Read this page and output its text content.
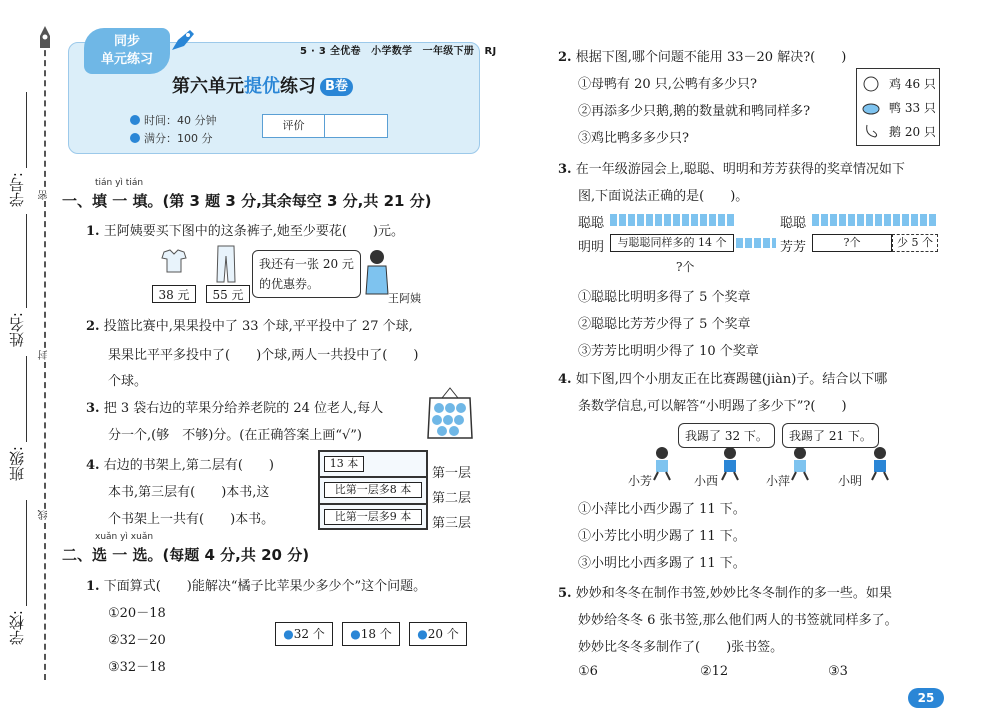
密
封
线
学号:
姓名:
班级:
学校:
同步
单元练习
5 · 3 全优卷　小学数学　一年级下册　RJ
第六单元提优练习 B卷
时间：40 分钟
满分：100 分
评价
tián yì tián
一、填 一 填。(第 3 题 3 分,其余每空 3 分,共 21 分)
1. 王阿姨要买下图中的这条裤子,她至少要花(　　)元。
38 元	55 元
我还有一张 20 元
的优惠券。
王阿姨
2. 投篮比赛中,果果投中了 33 个球,平平投中了 27 个球,
果果比平平多投中了(　　)个球,两人一共投中了(　　)
个球。
3. 把 3 袋右边的苹果分给养老院的 24 位老人,每人
分一个,(够　不够)分。(在正确答案上画“√”)
4. 右边的书架上,第二层有(　　)
本书,第三层有(　　)本书,这
个书架上一共有(　　)本书。
13 本
比第一层多8 本
比第一层多9 本
第一层
第二层
第三层
xuǎn yì xuǎn
二、选 一 选。(每题 4 分,共 20 分)
1. 下面算式(　　)能解决“橘子比苹果少多少个”这个问题。
①20－18
②32－20
③32－18
●32 个	●18 个	●20 个
2. 根据下图,哪个问题不能用 33－20 解决?(　　)
①母鸭有 20 只,公鸭有多少只?
②再添多少只鹅,鹅的数量就和鸭同样多?
③鸡比鸭多多少只?
鸡 46 只
鸭 33 只
鹅 20 只
3. 在一年级游园会上,聪聪、明明和芳芳获得的奖章情况如下
图,下面说法正确的是(　　)。
聪聪
明明	与聪聪同样多的 14 个
?个
聪聪
芳芳	?个	少 5 个
①聪聪比明明多得了 5 个奖章
②聪聪比芳芳少得了 5 个奖章
③芳芳比明明少得了 10 个奖章
4. 如下图,四个小朋友正在比赛踢毽(jiàn)子。结合以下哪
条数学信息,可以解答“小明踢了多少下”?(　　)
我踢了 32 下。	我踢了 21 下。
小芳	小西	小萍	小明
①小萍比小西少踢了 11 下。
①小芳比小明少踢了 11 下。
③小明比小西多踢了 11 下。
5. 妙妙和冬冬在制作书签,妙妙比冬冬制作的多一些。如果
妙妙给冬冬 6 张书签,那么他们两人的书签就同样多了。
妙妙比冬冬多制作了(　　)张书签。
①6	②12	③3
25
